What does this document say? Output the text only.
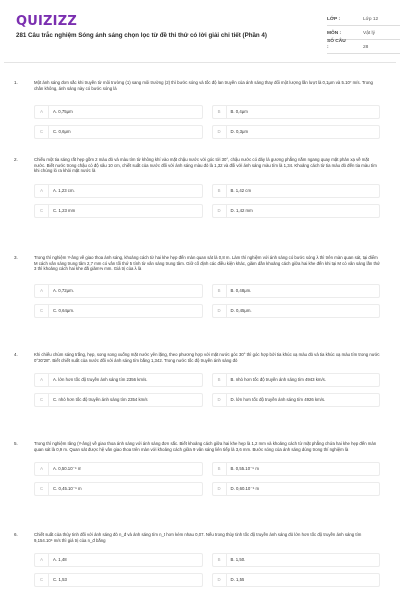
QUIZIZZ	LỚP :	Lớp 12
MÔN :	Vật lý
SỐ CÂU :	28
281 Câu trắc nghiệm Sóng ánh sáng chọn lọc từ đề thi thử có lời giải chi tiết (Phần 4)
1.	Một ánh sáng đơn sắc khi truyền từ môi trường (1) sang môi trường (2) thì bước sóng và tốc độ lan truyền của ánh sáng thay đổi một lượng lần lượt là 0,1μm và 5.10⁷ m/s. Trong chân không, ánh sáng này có bước sóng là
A	A. 0,75μm	B	B. 0,4μm
C	C. 0,6μm	D	D. 0,3μm
2.	Chiếu một tia sáng rất hẹp gồm 2 màu đỏ và màu tím từ không khí vào mặt chậu nước với góc tới 30°, chậu nước có đáy là gương phẳng nằm ngang quay mặt phản xạ về mặt nước. Biết nước trong chậu có độ sâu 10 cm, chiết suất của nước đối với ánh sáng màu đỏ là 1,32 và đối với ánh sáng màu tím là 1,34. Khoảng cách từ tia màu đỏ đến tia màu tím khi chúng ló ra khỏi mặt nước là
A	A. 1,23 cm.	B	B. 1,42 cm
C	C. 1,23 mm	D	D. 1,42 mm
3.	Trong thí nghiệm Y-âng về giao thoa ánh sáng, khoảng cách từ hai khe hẹp đến màn quan sát là 0,8 m. Làm thí nghiệm với ánh sáng có bước sóng λ thì trên màn quan sát, tại điểm M cách vân sáng trung tâm 2,7 mm có vân tối thứ 5 tính từ vân sáng trung tâm. Giữ cố định các điều kiện khác, giảm dần khoảng cách giữa hai khe đến khi tại M có vân sáng lần thứ 3 thì khoảng cách hai khe đã giảm⅓ mm. Giá trị của λ là
A	A. 0,72μm.	B	B. 0,48μm.
C	C. 0,64μm.	D	D. 0,45μm.
4.	Khi chiếu chùm sáng trắng, hẹp, song song xuống mặt nước yên lặng, theo phương hợp với mặt nước góc 30° thì góc hợp bởi tia khúc xạ màu đỏ và tia khúc xạ màu tím trong nước 0°30'28". Biết chiết suất của nước đối với ánh sáng tím bằng 1,342. Trong nước tốc độ truyền ánh sáng đỏ
A	A. lớn hơn tốc độ truyền ánh sáng tím 2356 km/s.	B	B. nhỏ hơn tốc độ truyền ánh sáng tím 4943 km/s.
C	C. nhỏ hơn tốc độ truyền ánh sáng tím 2354 km/s	D	D. lớn hơn tốc độ truyền ánh sáng tím 4926 km/s.
5.	Trong thí nghiệm Iâng (Y-âng) về giao thoa ánh sáng với ánh sáng đơn sắc. Biết khoảng cách giữa hai khe hẹp là 1,2 mm và khoảng cách từ mặt phẳng chứa hai khe hẹp đến màn quan sát là 0,9 m. Quan sát được hệ vân giao thoa trên màn với khoảng cách giữa 9 vân sáng liên tiếp là 3,6 mm. Bước sóng của ánh sáng dùng trong thí nghiệm là
A	A. 0,50.10⁻⁶ m	B	B. 0,55.10⁻⁶ m
C	C. 0,45.10⁻⁶ m	D	D. 0,60.10⁻⁶ m
6.	Chiết suất của thủy tinh đối với ánh sáng đỏ n_đ và ánh sáng tím n_t hơn kém nhau 0,07. Nếu trong thủy tinh tốc độ truyền ánh sáng đỏ lớn hơn tốc độ truyền ánh sáng tím 9,154.10⁶ m/s thì giá trị của n_đ bằng
A	A. 1,48	B	B. 1,50.
C	C. 1,53	D	D. 1,55
